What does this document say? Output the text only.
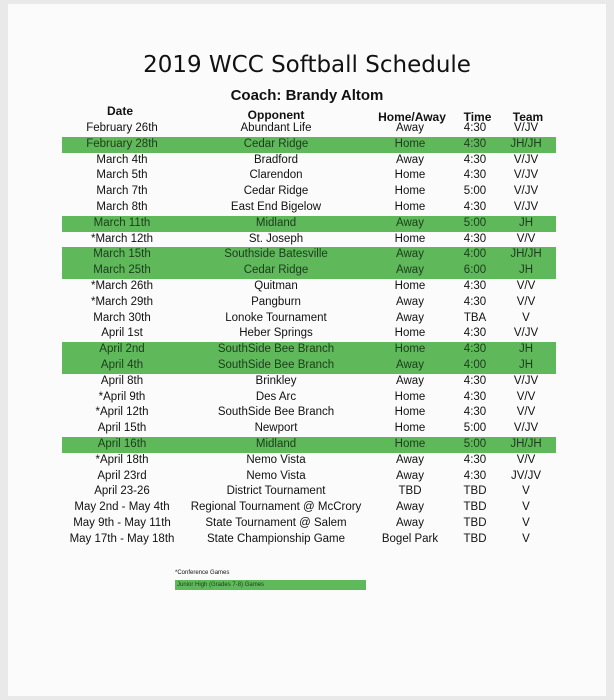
2019 WCC Softball Schedule
Coach: Brandy Altom
Date	Opponent	Home/Away	Time	Team
February 26th	Abundant Life	Away	4:30	V/JV
February 28th	Cedar Ridge	Home	4:30	JH/JH
March 4th	Bradford	Away	4:30	V/JV
March 5th	Clarendon	Home	4:30	V/JV
March 7th	Cedar Ridge	Home	5:00	V/JV
March 8th	East End Bigelow	Home	4:30	V/JV
March 11th	Midland	Away	5:00	JH
*March 12th	St. Joseph	Home	4:30	V/V
March 15th	Southside Batesville	Away	4:00	JH/JH
March 25th	Cedar Ridge	Away	6:00	JH
*March 26th	Quitman	Home	4:30	V/V
*March 29th	Pangburn	Away	4:30	V/V
March 30th	Lonoke Tournament	Away	TBA	V
April 1st	Heber Springs	Home	4:30	V/JV
April 2nd	SouthSide Bee Branch	Home	4:30	JH
April 4th	SouthSide Bee Branch	Away	4:00	JH
April 8th	Brinkley	Away	4:30	V/JV
*April 9th	Des Arc	Home	4:30	V/V
*April 12th	SouthSide Bee Branch	Home	4:30	V/V
April 15th	Newport	Home	5:00	V/JV
April 16th	Midland	Home	5:00	JH/JH
*April 18th	Nemo Vista	Away	4:30	V/V
April 23rd	Nemo Vista	Away	4:30	JV/JV
April 23-26	District Tournament	TBD	TBD	V
May 2nd - May 4th	Regional Tournament @ McCrory	Away	TBD	V
May 9th - May 11th	State Tournament @ Salem	Away	TBD	V
May 17th - May 18th	State Championship Game	Bogel Park	TBD	V
*Conference Games
Junior High (Grades 7-8) Games
